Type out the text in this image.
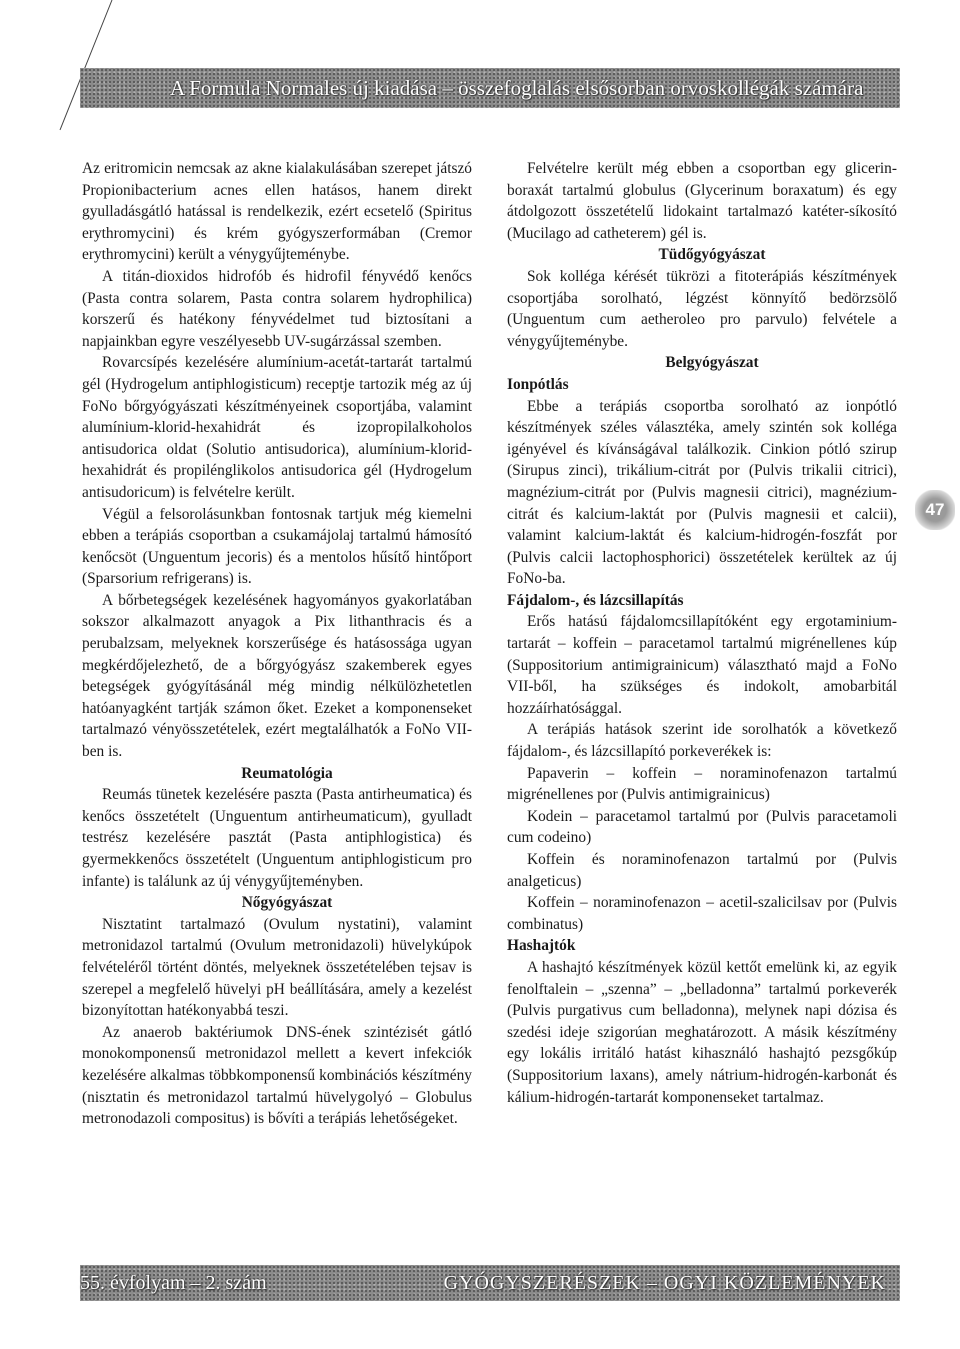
A Formula Normales új kiadása – összefoglalás elsősorban orvoskollégák számára

Az eritromicin nemcsak az akne kialakulásában szerepet játszó Propionibacterium acnes ellen hatásos, hanem direkt gyulladásgátló hatással is rendelkezik, ezért ecsetelő (Spiritus erythromycini) és krém gyógyszerformában (Cremor erythromycini) került a vénygyűjteménybe.

A titán-dioxidos hidrofób és hidrofil fényvédő kenőcs (Pasta contra solarem, Pasta contra solarem hydrophilica) korszerű és hatékony fényvédelmet tud biztosítani a napjainkban egyre veszélyesebb UV-sugárzással szemben.

Rovarcsípés kezelésére alumínium-acetát-tartarát tartalmú gél (Hydrogelum antiphlogisticum) receptje tartozik még az új FoNo bőrgyógyászati készítményeinek csoportjába, valamint alumínium-klorid-hexahidrát és izopropilalkoholos antisudorica oldat (Solutio antisudorica), alumínium-klorid-hexahidrát és propilénglikolos antisudorica gél (Hydrogelum antisudoricum) is felvételre került.

Végül a felsorolásunkban fontosnak tartjuk még kiemelni ebben a terápiás csoportban a csukamájolaj tartalmú hámosító kenőcsöt (Unguentum jecoris) és a mentolos hűsítő hintőport (Sparsorium refrigerans) is.

A bőrbetegségek kezelésének hagyományos gyakorlatában sokszor alkalmazott anyagok a Pix lithanthracis és a perubalzsam, melyeknek korszerűsége és hatásossága ugyan megkérdőjelezhető, de a bőrgyógyász szakemberek egyes betegségek gyógyításánál még mindig nélkülözhetetlen hatóanyagként tartják számon őket. Ezeket a komponenseket tartalmazó vényösszetételek, ezért megtalálhatók a FoNo VII-ben is.

Reumatológia

Reumás tünetek kezelésére paszta (Pasta antirheumatica) és kenőcs összetételt (Unguentum antirheumaticum), gyulladt testrész kezelésére pasztát (Pasta antiphlogistica) és gyermekkenőcs összetételt (Unguentum antiphlogisticum pro infante) is találunk az új vénygyűjteményben.

Nőgyógyászat

Nisztatint tartalmazó (Ovulum nystatini), valamint metronidazol tartalmú (Ovulum metronidazoli) hüvelykúpok felvételéről történt döntés, melyeknek összetételében tejsav is szerepel a megfelelő hüvelyi pH beállítására, amely a kezelést bizonyítottan hatékonyabbá teszi.

Az anaerob baktériumok DNS-ének szintézisét gátló monokomponensű metronidazol mellett a kevert infekciók kezelésére alkalmas többkomponensű kombinációs készítmény (nisztatin és metronidazol tartalmú hüvelygolyó – Globulus metronodazoli compositus) is bővíti a terápiás lehetőségeket.

Felvételre került még ebben a csoportban egy glicerin-boraxát tartalmú globulus (Glycerinum boraxatum) és egy átdolgozott összetételű lidokaint tartalmazó katéter-síkosító (Mucilago ad catheterem) gél is.

Tüdőgyógyászat

Sok kolléga kérését tükrözi a fitoterápiás készítmények csoportjába sorolható, légzést könnyítő bedörzsölő (Unguentum cum aetheroleo pro parvulo) felvétele a vénygyűjteménybe.

Belgyógyászat

Ionpótlás

Ebbe a terápiás csoportba sorolható az ionpótló készítmények széles választéka, amely szintén sok kolléga igényével és kívánságával találkozik. Cinkion pótló szirup (Sirupus zinci), trikálium-citrát por (Pulvis trikalii citrici), magnézium-citrát por (Pulvis magnesii citrici), magnézium-citrát és kalcium-laktát por (Pulvis magnesii et calcii), valamint kalcium-laktát és kalcium-hidrogén-foszfát por (Pulvis calcii lactophosphorici) összetételek kerültek az új FoNo-ba.

Fájdalom-, és lázcsillapítás

Erős hatású fájdalomcsillapítóként egy ergotaminium-tartarát – koffein – paracetamol tartalmú migrénellenes kúp (Suppositorium antimigrainicum) választható majd a FoNo VII-ből, ha szükséges és indokolt, amobarbitál hozzáírhatósággal.

A terápiás hatások szerint ide sorolhatók a következő fájdalom-, és lázcsillapító porkeverékek is:

Papaverin – koffein – noraminofenazon tartalmú migrénellenes por (Pulvis antimigrainicus)

Kodein – paracetamol tartalmú por (Pulvis paracetamoli cum codeino)

Koffein és noraminofenazon tartalmú por (Pulvis analgeticus)

Koffein – noraminofenazon – acetil-szalicilsav por (Pulvis combinatus)

Hashajtók

A hashajtó készítmények közül kettőt emelünk ki, az egyik fenolftalein – „szenna” – „belladonna” tartalmú porkeverék (Pulvis purgativus cum belladonna), melynek napi dózisa és szedési ideje szigorúan meghatározott. A másik készítmény egy lokális irritáló hatást kihasználó hashajtó pezsgőkúp (Suppositorium laxans), amely nátrium-hidrogén-karbonát és kálium-hidrogén-tartarát komponenseket tartalmaz.

47
55. évfolyam – 2. szám	GYÓGYSZERÉSZEK – OGYI KÖZLEMÉNYEK
